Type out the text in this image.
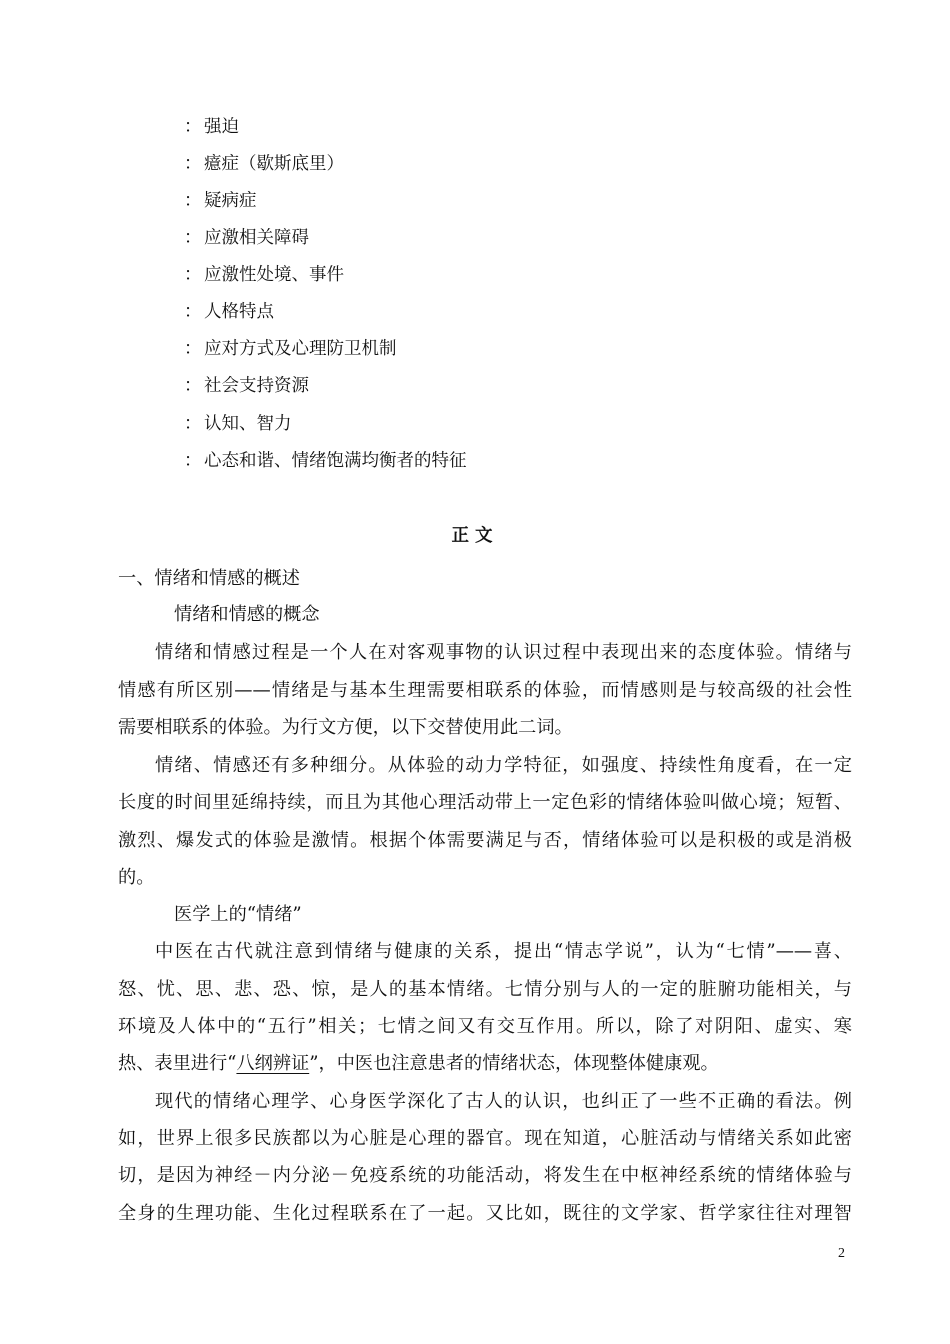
： 强迫
： 癔症（歇斯底里）
： 疑病症
： 应激相关障碍
： 应激性处境、事件
： 人格特点
： 应对方式及心理防卫机制
： 社会支持资源
： 认知、智力
： 心态和谐、情绪饱满均衡者的特征
正文
一、情绪和情感的概述
情绪和情感的概念
情绪和情感过程是一个人在对客观事物的认识过程中表现出来的态度体验。情绪与
情感有所区别——情绪是与基本生理需要相联系的体验，而情感则是与较高级的社会性
需要相联系的体验。为行文方便，以下交替使用此二词。
情绪、情感还有多种细分。从体验的动力学特征，如强度、持续性角度看，在一定
长度的时间里延绵持续，而且为其他心理活动带上一定色彩的情绪体验叫做心境；短暂、
激烈、爆发式的体验是激情。根据个体需要满足与否，情绪体验可以是积极的或是消极
的。
医学上的“情绪”
中医在古代就注意到情绪与健康的关系，提出“情志学说”，认为“七情”——喜、
怒、忧、思、悲、恐、惊，是人的基本情绪。七情分别与人的一定的脏腑功能相关，与
环境及人体中的“五行”相关；七情之间又有交互作用。所以，除了对阴阳、虚实、寒
热、表里进行“八纲辨证”，中医也注意患者的情绪状态，体现整体健康观。
现代的情绪心理学、心身医学深化了古人的认识，也纠正了一些不正确的看法。例
如，世界上很多民族都以为心脏是心理的器官。现在知道，心脏活动与情绪关系如此密
切，是因为神经－内分泌－免疫系统的功能活动，将发生在中枢神经系统的情绪体验与
全身的生理功能、生化过程联系在了一起。又比如，既往的文学家、哲学家往往对理智
2
